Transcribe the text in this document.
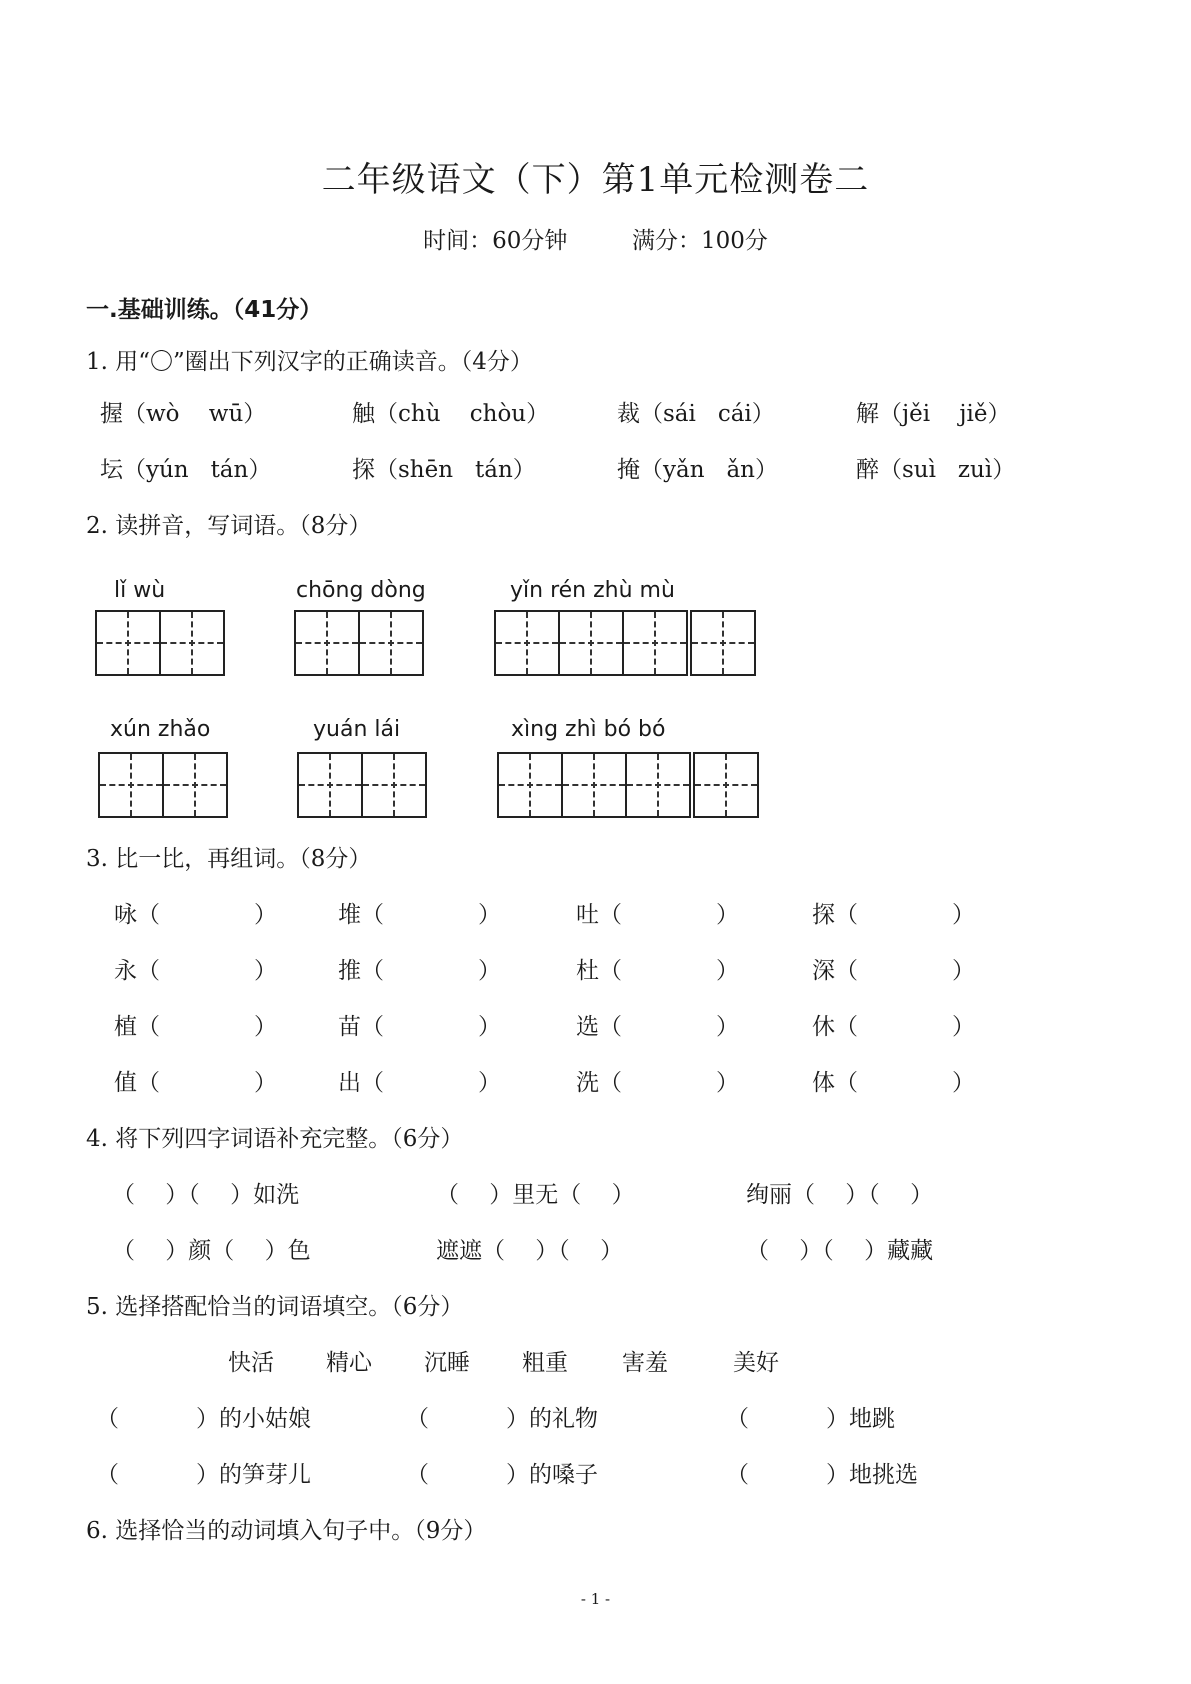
二年级语文（下）第1单元检测卷二
时间：60分钟	满分：100分
一.基础训练。（41分）
1. 用“〇”圈出下列汉字的正确读音。（4分）
握（wò wū）	触（chù chòu）	裁（sái cái）	解（jěi jiě）
坛（yún tán）	探（shēn tán）	掩（yǎn ǎn）	醉（suì zuì）
2. 读拼音，写词语。（8分）
lǐ wù	chōng dòng	yǐn rén zhù mù
xún zhǎo	yuán lái	xìng zhì bó bó
3. 比一比，再组词。（8分）
咏（	）	堆（	）	吐（	）	探（	）
永（	）	推（	）	杜（	）	深（	）
植（	）	苗（	）	选（	）	休（	）
值（	）	出（	）	洗（	）	体（	）
4. 将下列四字词语补充完整。（6分）
（　 ）（　 ）如洗	（　 ）里无（　 ）	绚丽（　 ）（　 ）
（　 ）颜（　 ）色	遮遮（　 ）（　 ）	（　 ）（　 ）藏藏
5. 选择搭配恰当的词语填空。（6分）
快活 精心 沉睡 粗重 害羞	美好
（	）的小姑娘	（	）的礼物	（	）地跳
（	）的笋芽儿	（	）的嗓子	（	）地挑选
6. 选择恰当的动词填入句子中。（9分）
- 1 -
